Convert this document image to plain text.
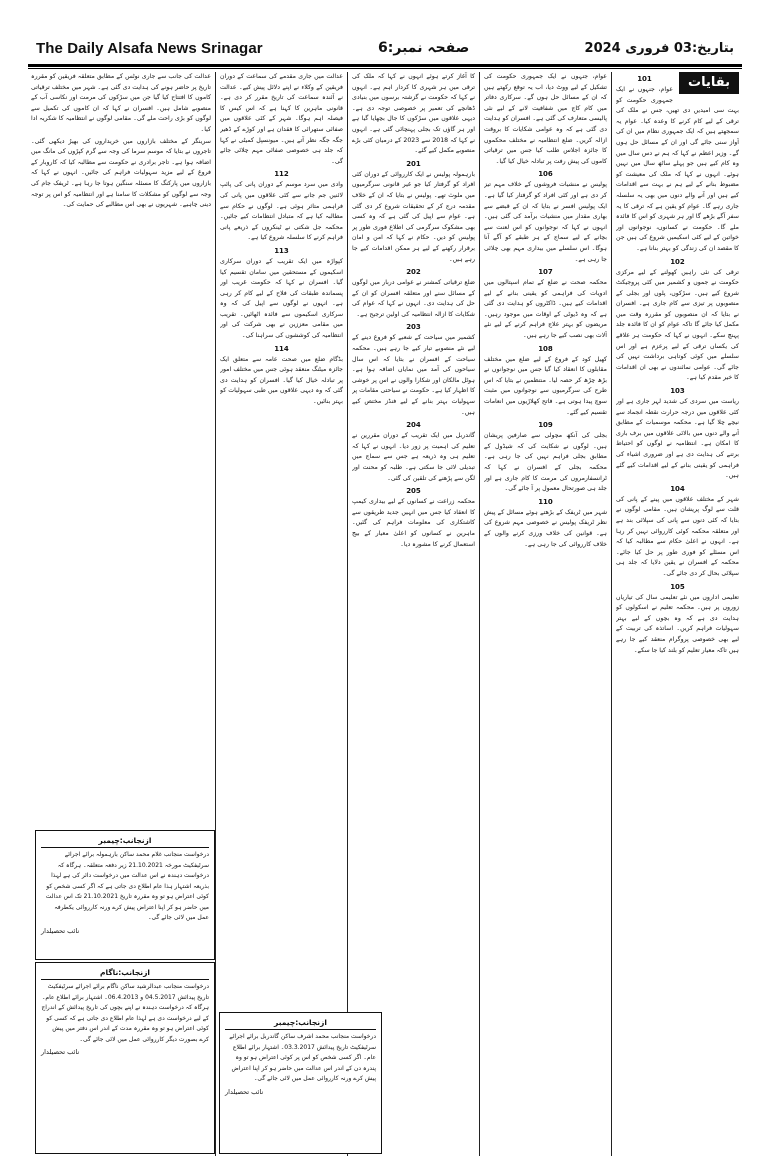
The Daily Alsafa News Srinagar	صفحہ نمبر:6	بتاریخ:03 فروری 2024
بقایات
101

عوام، جنہوں نے ایک جمہوری حکومت کو بہت سی امیدیں دی تھیں، جس نے ملک کی ترقی کے لیے کام کرنے کا وعدہ کیا۔ عوام یہ سمجھتے ہیں کہ ایک جمہوری نظام میں ان کی آواز سنی جائے گی اور ان کے مسائل حل ہوں گے۔ وزیر اعظم نے کہا کہ ہم نے دس سال میں وہ کام کیے ہیں جو پہلے ساٹھ سال میں نہیں ہوئے۔ انہوں نے کہا کہ ملک کی معیشت کو مضبوط بنانے کے لیے ہم نے بہت سے اقدامات کیے ہیں اور آنے والے دنوں میں بھی یہ سلسلہ جاری رہے گا۔ عوام کو یقین ہے کہ ترقی کا یہ سفر آگے بڑھے گا اور ہر شہری کو اس کا فائدہ ملے گا۔ حکومت نے کسانوں، نوجوانوں اور خواتین کے لیے کئی اسکیمیں شروع کی ہیں جن کا مقصد ان کی زندگی کو بہتر بنانا ہے۔

102

ترقی کی نئی راہیں کھولنے کے لیے مرکزی حکومت نے جموں و کشمیر میں کئی پروجیکٹ شروع کیے ہیں۔ سڑکوں، پلوں اور بجلی کے منصوبوں پر تیزی سے کام جاری ہے۔ افسران نے بتایا کہ ان منصوبوں کو مقررہ وقت میں مکمل کیا جائے گا تاکہ عوام کو ان کا فائدہ جلد پہنچ سکے۔ انہوں نے کہا کہ حکومت ہر علاقے کی یکساں ترقی کے لیے پرعزم ہے اور اس سلسلے میں کوئی کوتاہی برداشت نہیں کی جائے گی۔ عوامی نمائندوں نے بھی ان اقدامات کا خیر مقدم کیا ہے۔

103

ریاست میں سردی کی شدید لہر جاری ہے اور کئی علاقوں میں درجہ حرارت نقطہ انجماد سے نیچے چلا گیا ہے۔ محکمہ موسمیات کے مطابق آنے والے دنوں میں بالائی علاقوں میں برف باری کا امکان ہے۔ انتظامیہ نے لوگوں کو احتیاط برتنے کی ہدایت دی ہے اور ضروری اشیاء کی فراہمی کو یقینی بنانے کے لیے اقدامات کیے گئے ہیں۔

104

شہر کے مختلف علاقوں میں پینے کے پانی کی قلت سے لوگ پریشان ہیں۔ مقامی لوگوں نے بتایا کہ کئی دنوں سے پانی کی سپلائی بند ہے اور متعلقہ محکمہ کوئی کارروائی نہیں کر رہا ہے۔ انہوں نے اعلیٰ حکام سے مطالبہ کیا کہ اس مسئلے کو فوری طور پر حل کیا جائے۔ محکمہ کے افسران نے یقین دلایا کہ جلد ہی سپلائی بحال کر دی جائے گی۔

105

تعلیمی اداروں میں نئے تعلیمی سال کی تیاریاں زوروں پر ہیں۔ محکمہ تعلیم نے اسکولوں کو ہدایت دی ہے کہ وہ بچوں کے لیے بہتر سہولیات فراہم کریں۔ اساتذہ کی تربیت کے لیے بھی خصوصی پروگرام منعقد کیے جا رہے ہیں تاکہ معیار تعلیم کو بلند کیا جا سکے۔

عوام، جنہوں نے ایک جمہوری حکومت کی تشکیل کے لیے ووٹ دیا، اب یہ توقع رکھتے ہیں کہ ان کے مسائل حل ہوں گے۔ سرکاری دفاتر میں کام کاج میں شفافیت لانے کے لیے نئی پالیسی متعارف کی گئی ہے۔ افسران کو ہدایت دی گئی ہے کہ وہ عوامی شکایات کا بروقت ازالہ کریں۔ ضلع انتظامیہ نے مختلف محکموں کا جائزہ اجلاس طلب کیا جس میں ترقیاتی کاموں کی پیش رفت پر تبادلہ خیال کیا گیا۔

106

پولیس نے منشیات فروشوں کے خلاف مہم تیز کر دی ہے اور کئی افراد کو گرفتار کیا گیا ہے۔ ایک پولیس افسر نے بتایا کہ ان کے قبضے سے بھاری مقدار میں منشیات برآمد کی گئی ہیں۔ انہوں نے کہا کہ نوجوانوں کو اس لعنت سے بچانے کے لیے سماج کے ہر طبقے کو آگے آنا ہوگا۔ اس سلسلے میں بیداری مہم بھی چلائی جا رہی ہے۔

107

محکمہ صحت نے ضلع کے تمام اسپتالوں میں ادویات کی فراہمی کو یقینی بنانے کے لیے اقدامات کیے ہیں۔ ڈاکٹروں کو ہدایت دی گئی ہے کہ وہ ڈیوٹی کے اوقات میں موجود رہیں۔ مریضوں کو بہتر علاج فراہم کرنے کے لیے نئے آلات بھی نصب کیے جا رہے ہیں۔

108

کھیل کود کے فروغ کے لیے ضلع میں مختلف مقابلوں کا انعقاد کیا گیا جس میں نوجوانوں نے بڑھ چڑھ کر حصہ لیا۔ منتظمین نے بتایا کہ اس طرح کی سرگرمیوں سے نوجوانوں میں مثبت سوچ پیدا ہوتی ہے۔ فاتح کھلاڑیوں میں انعامات تقسیم کیے گئے۔

109

بجلی کی آنکھ مچولی سے صارفین پریشان ہیں۔ لوگوں نے شکایت کی کہ شیڈول کے مطابق بجلی فراہم نہیں کی جا رہی ہے۔ محکمہ بجلی کے افسران نے کہا کہ ٹرانسفارمروں کی مرمت کا کام جاری ہے اور جلد ہی صورتحال معمول پر آ جائے گی۔

110

شہر میں ٹریفک کے بڑھتے ہوئے مسائل کے پیش نظر ٹریفک پولیس نے خصوصی مہم شروع کی ہے۔ قوانین کی خلاف ورزی کرنے والوں کے خلاف کارروائی کی جا رہی ہے۔

کا آغاز کرتے ہوئے انہوں نے کہا کہ ملک کی ترقی میں ہر شہری کا کردار اہم ہے۔ انہوں نے کہا کہ حکومت نے گزشتہ برسوں میں بنیادی ڈھانچے کی تعمیر پر خصوصی توجہ دی ہے۔ دیہی علاقوں میں سڑکوں کا جال بچھایا گیا ہے اور ہر گاؤں تک بجلی پہنچائی گئی ہے۔ انہوں نے کہا کہ 2018 سے 2023 کے درمیان کئی بڑے منصوبے مکمل کیے گئے۔

201

بارہمولہ پولیس نے ایک کارروائی کے دوران کئی افراد کو گرفتار کیا جو غیر قانونی سرگرمیوں میں ملوث تھے۔ پولیس نے بتایا کہ ان کے خلاف مقدمہ درج کر کے تحقیقات شروع کر دی گئی ہے۔ عوام سے اپیل کی گئی ہے کہ وہ کسی بھی مشکوک سرگرمی کی اطلاع فوری طور پر پولیس کو دیں۔ حکام نے کہا کہ امن و امان برقرار رکھنے کے لیے ہر ممکن اقدامات کیے جا رہے ہیں۔

202

ضلع ترقیاتی کمشنر نے عوامی دربار میں لوگوں کے مسائل سنے اور متعلقہ افسران کو ان کے حل کی ہدایت دی۔ انہوں نے کہا کہ عوام کی شکایات کا ازالہ انتظامیہ کی اولین ترجیح ہے۔

203

کشمیر میں سیاحت کے شعبے کو فروغ دینے کے لیے نئے منصوبے تیار کیے جا رہے ہیں۔ محکمہ سیاحت کے افسران نے بتایا کہ اس سال سیاحوں کی آمد میں نمایاں اضافہ ہوا ہے۔ ہوٹل مالکان اور شکارا والوں نے اس پر خوشی کا اظہار کیا ہے۔ حکومت نے سیاحتی مقامات پر سہولیات بہتر بنانے کے لیے فنڈز مختص کیے ہیں۔

204

گاندربل میں ایک تقریب کے دوران مقررین نے تعلیم کی اہمیت پر زور دیا۔ انہوں نے کہا کہ تعلیم ہی وہ ذریعہ ہے جس سے سماج میں تبدیلی لائی جا سکتی ہے۔ طلبہ کو محنت اور لگن سے پڑھنے کی تلقین کی گئی۔

205

محکمہ زراعت نے کسانوں کے لیے بیداری کیمپ کا انعقاد کیا جس میں انہیں جدید طریقوں سے کاشتکاری کی معلومات فراہم کی گئیں۔ ماہرین نے کسانوں کو اعلیٰ معیار کے بیج استعمال کرنے کا مشورہ دیا۔

عدالت میں جاری مقدمے کی سماعت کے دوران فریقین کے وکلاء نے اپنے دلائل پیش کیے۔ عدالت نے آئندہ سماعت کی تاریخ مقرر کر دی ہے۔ قانونی ماہرین کا کہنا ہے کہ اس کیس کا فیصلہ اہم ہوگا۔ شہر کے کئی علاقوں میں صفائی ستھرائی کا فقدان ہے اور کوڑے کے ڈھیر جگہ جگہ نظر آتے ہیں۔ میونسپل کمیٹی نے کہا کہ جلد ہی خصوصی صفائی مہم چلائی جائے گی۔

112

وادی میں سرد موسم کے دوران پانی کی پائپ لائنیں جم جانے سے کئی علاقوں میں پانی کی فراہمی متاثر ہوئی ہے۔ لوگوں نے حکام سے مطالبہ کیا ہے کہ متبادل انتظامات کیے جائیں۔ محکمہ جل شکتی نے ٹینکروں کے ذریعے پانی فراہم کرنے کا سلسلہ شروع کیا ہے۔

113

کپواڑہ میں ایک تقریب کے دوران سرکاری اسکیموں کے مستحقین میں سامان تقسیم کیا گیا۔ افسران نے کہا کہ حکومت غریب اور پسماندہ طبقات کی فلاح کے لیے کام کر رہی ہے۔ انہوں نے لوگوں سے اپیل کی کہ وہ سرکاری اسکیموں سے فائدہ اٹھائیں۔ تقریب میں مقامی معززین نے بھی شرکت کی اور انتظامیہ کی کوششوں کی سراہنا کی۔

114

بڈگام ضلع میں صحت عامہ سے متعلق ایک جائزہ میٹنگ منعقد ہوئی جس میں مختلف امور پر تبادلہ خیال کیا گیا۔ افسران کو ہدایت دی گئی کہ وہ دیہی علاقوں میں طبی سہولیات کو بہتر بنائیں۔

عدالت کی جانب سے جاری نوٹس کے مطابق متعلقہ فریقین کو مقررہ تاریخ پر حاضر ہونے کی ہدایت دی گئی ہے۔ شہر میں مختلف ترقیاتی کاموں کا افتتاح کیا گیا جن میں سڑکوں کی مرمت اور نکاسی آب کے منصوبے شامل ہیں۔ افسران نے کہا کہ ان کاموں کی تکمیل سے لوگوں کو بڑی راحت ملے گی۔ مقامی لوگوں نے انتظامیہ کا شکریہ ادا کیا۔

سرینگر کے مختلف بازاروں میں خریداروں کی بھیڑ دیکھی گئی۔ تاجروں نے بتایا کہ موسم سرما کی وجہ سے گرم کپڑوں کی مانگ میں اضافہ ہوا ہے۔ تاجر برادری نے حکومت سے مطالبہ کیا کہ کاروبار کے فروغ کے لیے مزید سہولیات فراہم کی جائیں۔ انہوں نے کہا کہ بازاروں میں پارکنگ کا مسئلہ سنگین ہوتا جا رہا ہے۔ ٹریفک جام کی وجہ سے لوگوں کو مشکلات کا سامنا ہے اور انتظامیہ کو اس پر توجہ دینی چاہیے۔ شہریوں نے بھی اس مطالبے کی حمایت کی۔

ازنجانب:چیمبر
درخواست منجانب غلام محمد ساکن بارہمولہ برائے اجرائے سرٹیفکیٹ مورخہ 21.10.2021 زیر دفعہ متعلقہ۔ ہرگاہ کہ درخواست دہندہ نے اس عدالت میں درخواست دائر کی ہے لہذا بذریعہ اشتہار ہذا عام اطلاع دی جاتی ہے کہ اگر کسی شخص کو کوئی اعتراض ہو تو وہ مقررہ تاریخ 21.10.2021 تک اس عدالت میں حاضر ہو کر اپنا اعتراض پیش کرے ورنہ کارروائی یکطرفہ عمل میں لائی جائے گی۔
نائب تحصیلدار
ازنجانب:ناگام
درخواست منجانب عبدالرشید ساکن ناگام برائے اجرائے سرٹیفکیٹ تاریخ پیدائش 04.5.2017 و 06.4.2013۔ اشتہار برائے اطلاع عام۔ ہرگاہ کہ درخواست دہندہ نے اپنے بچوں کی تاریخ پیدائش کے اندراج کے لیے درخواست دی ہے لہذا عام اطلاع دی جاتی ہے کہ کسی کو کوئی اعتراض ہو تو وہ مقررہ مدت کے اندر اس دفتر میں پیش کرے بصورت دیگر کارروائی عمل میں لائی جائے گی۔
نائب تحصیلدار
ازنجانب:چیمبر
درخواست منجانب محمد اشرف ساکن گاندربل برائے اجرائے سرٹیفکیٹ تاریخ پیدائش 03.3.2017۔ اشتہار برائے اطلاع عام۔ اگر کسی شخص کو اس پر کوئی اعتراض ہو تو وہ پندرہ دن کے اندر اس عدالت میں حاضر ہو کر اپنا اعتراض پیش کرے ورنہ کارروائی عمل میں لائی جائے گی۔
نائب تحصیلدار
